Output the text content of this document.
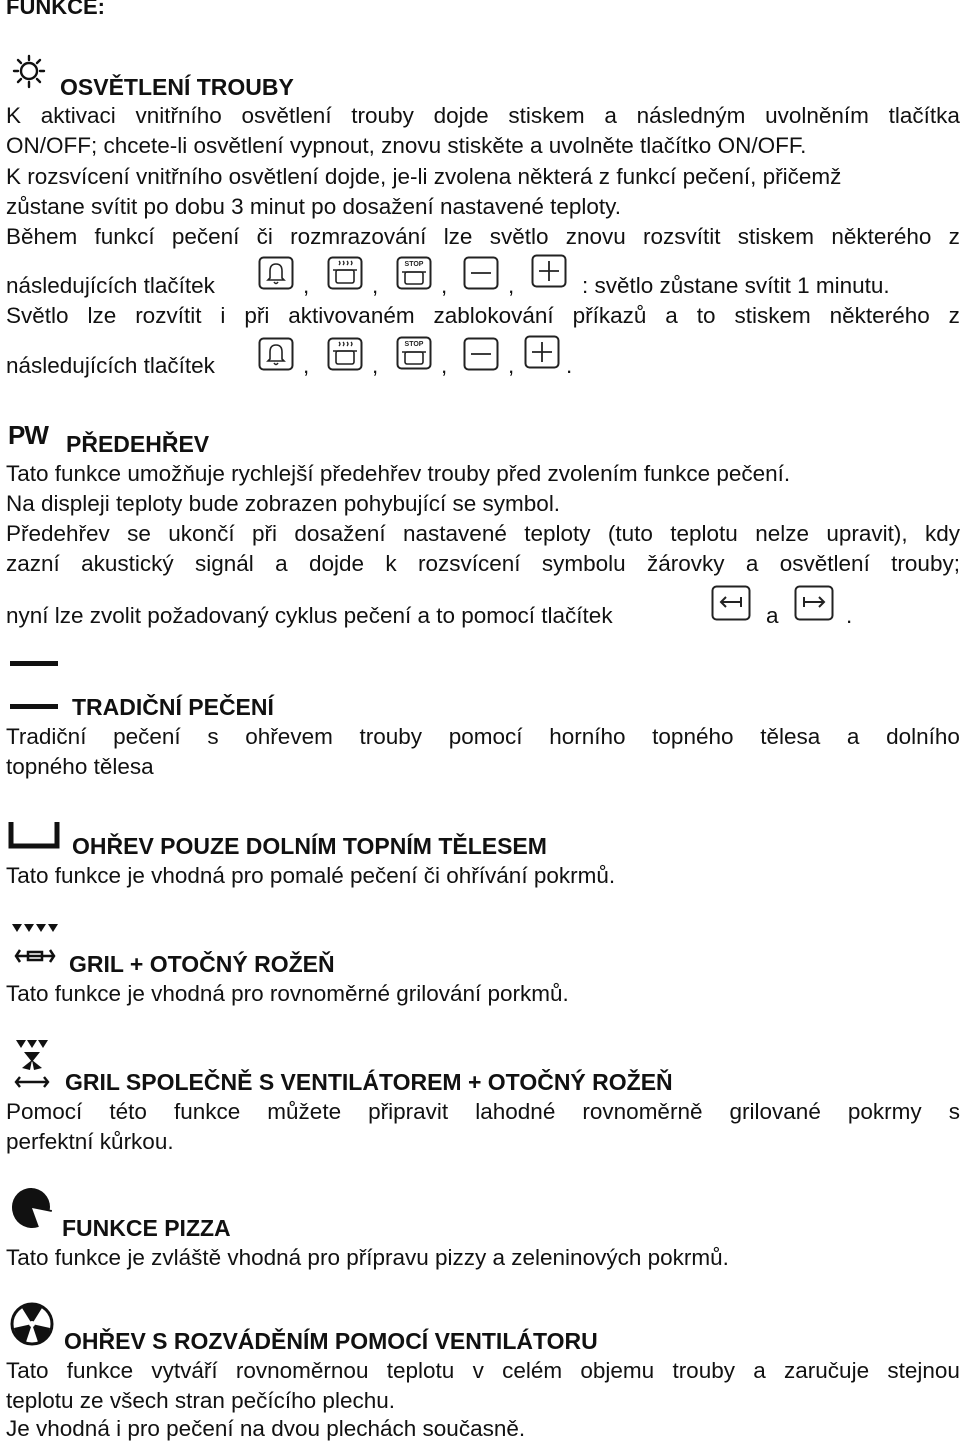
FUNKCE:
OSVĚTLENÍ TROUBY
K aktivaci vnitřního osvětlení trouby dojde stiskem a následným uvolněním tlačítka
ON/OFF; chcete-li osvětlení vypnout, znovu stiskěte a uvolněte tlačítko ON/OFF.
K rozsvícení vnitřního osvětlení dojde, je-li zvolena některá z funkcí pečení, přičemž
zůstane svítit po dobu 3 minut po dosažení nastavené teploty.
Během funkcí pečení či rozmrazování lze světlo znovu rozsvítit stiskem některého z
následujících tlačítek	,	,
STOP
,	,	: světlo zůstane svítit 1 minutu.
Světlo lze rozvítit i při aktivovaném zablokování příkazů a to stiskem některého z
následujících tlačítek	,	,
STOP
,	, .
PW PŘEDEHŘEV
Tato funkce umožňuje rychlejší předehřev trouby před zvolením funkce pečení.
Na displeji teploty bude zobrazen pohybující se symbol.
Předehřev se ukončí při dosažení nastavené teploty (tuto teplotu nelze upravit), kdy
zazní akustický signál a dojde k rozsvícení symbolu žárovky a osvětlení trouby;
nyní lze zvolit požadovaný cyklus pečení a to pomocí tlačítek	a	.
TRADIČNÍ PEČENÍ
Tradiční pečení s ohřevem trouby pomocí horního topného tělesa a dolního
topného tělesa
OHŘEV POUZE DOLNÍM TOPNÍM TĚLESEM
Tato funkce je vhodná pro pomalé pečení či ohřívání pokrmů.
GRIL + OTOČNÝ ROŽEŇ
Tato funkce je vhodná pro rovnoměrné grilování porkmů.
GRIL SPOLEČNĚ S VENTILÁTOREM + OTOČNÝ ROŽEŇ
Pomocí této funkce můžete připravit lahodné rovnoměrně grilované pokrmy s
perfektní kůrkou.
FUNKCE PIZZA
Tato funkce je zvláště vhodná pro přípravu pizzy a zeleninových pokrmů.
OHŘEV S ROZVÁDĚNÍM POMOCÍ VENTILÁTORU
Tato funkce vytváří rovnoměrnou teplotu v celém objemu trouby a zaručuje stejnou
teplotu ze všech stran pečícího plechu.
Je vhodná i pro pečení na dvou plechách současně.
